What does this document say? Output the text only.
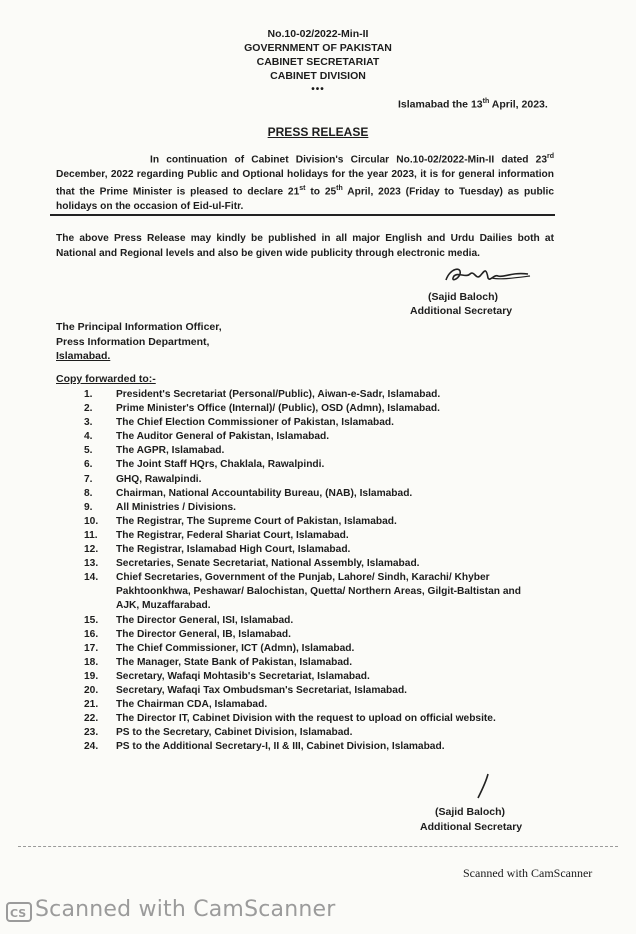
No.10-02/2022-Min-II
GOVERNMENT OF PAKISTAN
CABINET SECRETARIAT
CABINET DIVISION
•••
Islamabad the 13th April, 2023.
PRESS RELEASE
In continuation of Cabinet Division's Circular No.10-02/2022-Min-II dated 23rd December, 2022 regarding Public and Optional holidays for the year 2023, it is for general information that the Prime Minister is pleased to declare 21st to 25th April, 2023 (Friday to Tuesday) as public holidays on the occasion of Eid-ul-Fitr.
The above Press Release may kindly be published in all major English and Urdu Dailies both at National and Regional levels and also be given wide publicity through electronic media.
(Sajid Baloch)
Additional Secretary
The Principal Information Officer,
Press Information Department,
Islamabad.
Copy forwarded to:-
1.	President's Secretariat (Personal/Public), Aiwan-e-Sadr, Islamabad.
2.	Prime Minister's Office (Internal)/ (Public), OSD (Admn), Islamabad.
3.	The Chief Election Commissioner of Pakistan, Islamabad.
4.	The Auditor General of Pakistan, Islamabad.
5.	The AGPR, Islamabad.
6.	The Joint Staff HQrs, Chaklala, Rawalpindi.
7.	GHQ, Rawalpindi.
8.	Chairman, National Accountability Bureau, (NAB), Islamabad.
9.	All Ministries / Divisions.
10.	The Registrar, The Supreme Court of Pakistan, Islamabad.
11.	The Registrar, Federal Shariat Court, Islamabad.
12.	The Registrar, Islamabad High Court, Islamabad.
13.	Secretaries, Senate Secretariat, National Assembly, Islamabad.
14.	Chief Secretaries, Government of the Punjab, Lahore/ Sindh, Karachi/ Khyber Pakhtoonkhwa, Peshawar/ Balochistan, Quetta/ Northern Areas, Gilgit-Baltistan and AJK, Muzaffarabad.
15.	The Director General, ISI, Islamabad.
16.	The Director General, IB, Islamabad.
17.	The Chief Commissioner, ICT (Admn), Islamabad.
18.	The Manager, State Bank of Pakistan, Islamabad.
19.	Secretary, Wafaqi Mohtasib's Secretariat, Islamabad.
20.	Secretary, Wafaqi Tax Ombudsman's Secretariat, Islamabad.
21.	The Chairman CDA, Islamabad.
22.	The Director IT, Cabinet Division with the request to upload on official website.
23.	PS to the Secretary, Cabinet Division, Islamabad.
24.	PS to the Additional Secretary-I, II & III, Cabinet Division, Islamabad.
(Sajid Baloch)
Additional Secretary
Scanned with CamScanner
CS Scanned with CamScanner
